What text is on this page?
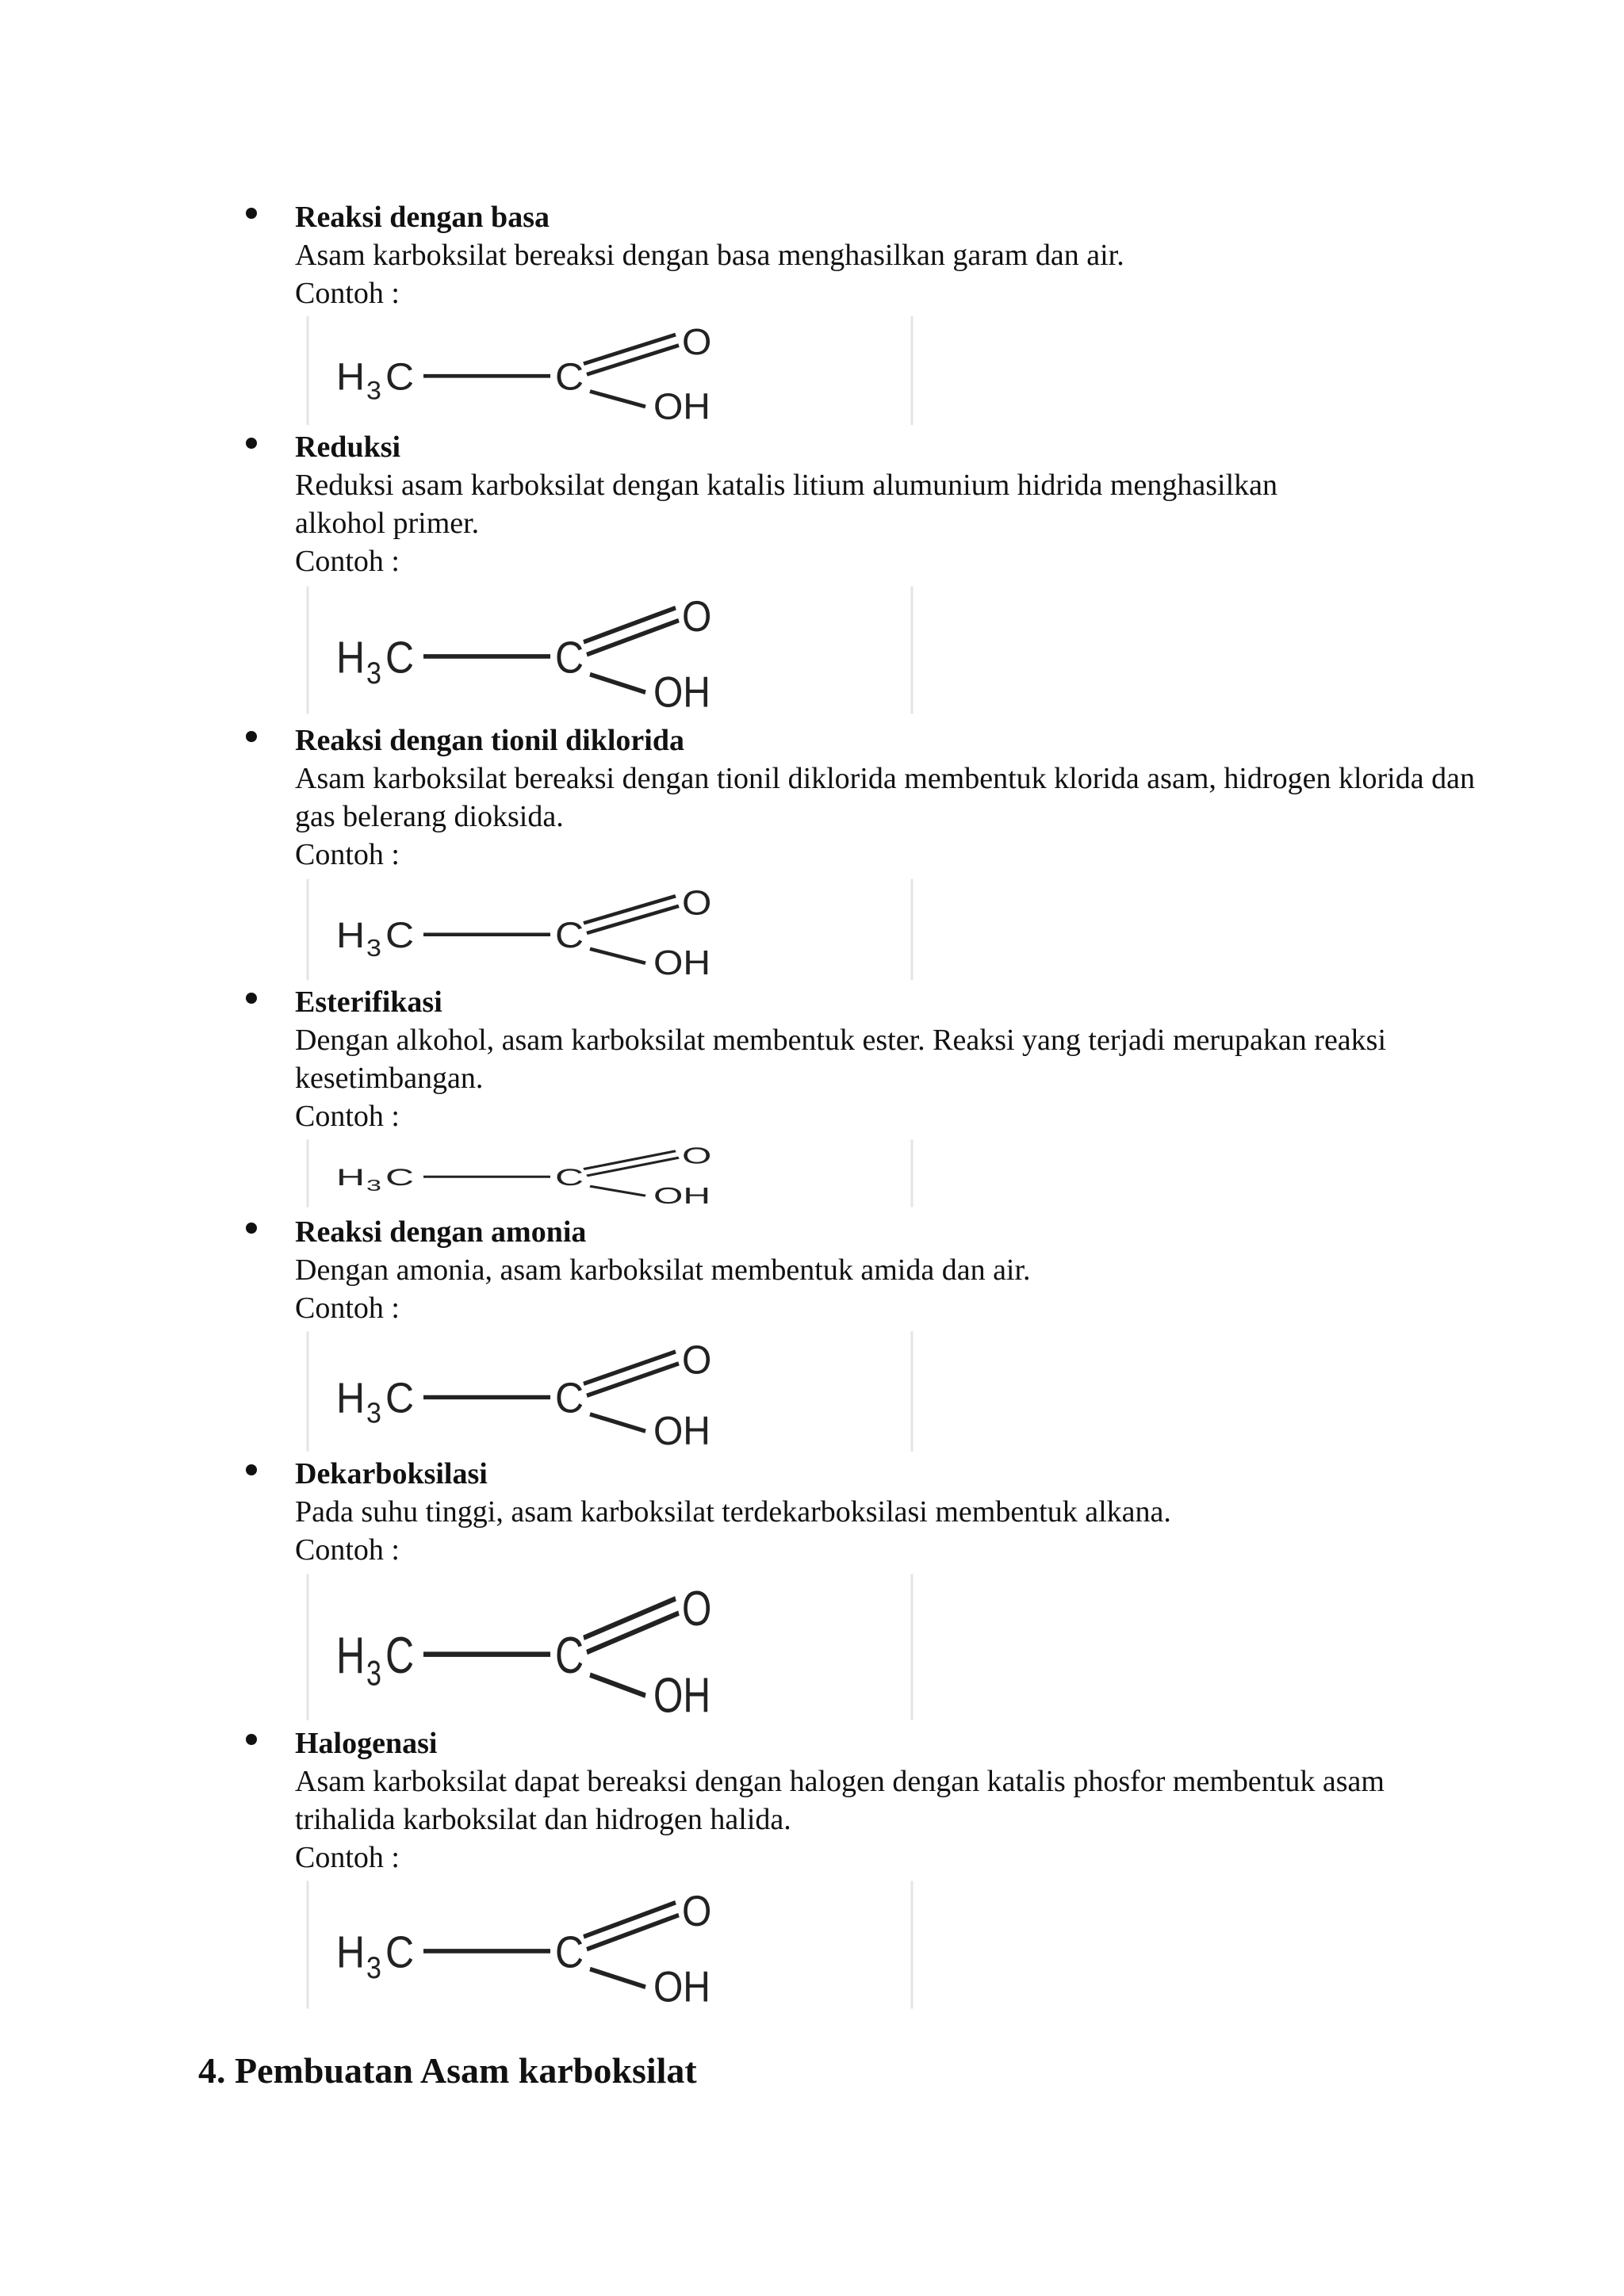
Reaksi dengan basa

Asam karboksilat bereaksi dengan basa menghasilkan garam dan air.

Contoh :

H 3 C	C
O
OH

Reduksi

Reduksi asam karboksilat dengan katalis litium alumunium hidrida menghasilkan alkohol primer.

Contoh :

H 3 C	C
O
OH

Reaksi dengan tionil diklorida

Asam karboksilat bereaksi dengan tionil diklorida membentuk klorida asam, hidrogen klorida dan gas belerang dioksida.

Contoh :

H 3 C	C
O
OH

Esterifikasi

Dengan alkohol, asam karboksilat membentuk ester. Reaksi yang terjadi merupakan reaksi kesetimbangan.

Contoh :

H 3 C	C
O
OH

Reaksi dengan amonia

Dengan amonia, asam karboksilat membentuk amida dan air.

Contoh :

H 3 C	C
O
OH

Dekarboksilasi

Pada suhu tinggi, asam karboksilat terdekarboksilasi membentuk alkana.

Contoh :

H 3 C	C
O
OH

Halogenasi

Asam karboksilat dapat bereaksi dengan halogen dengan katalis phosfor membentuk asam trihalida karboksilat dan hidrogen halida.

Contoh :

H 3 C	C
O
OH
4. Pembuatan Asam karboksilat
